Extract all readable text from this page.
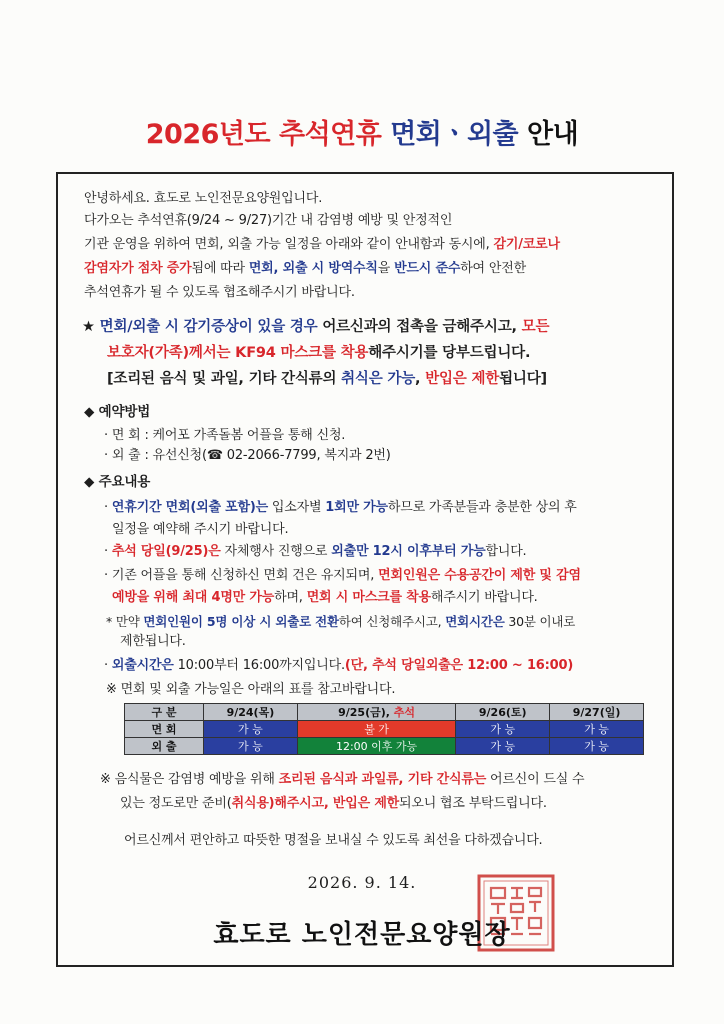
2026년도 추석연휴 면회ㆍ외출 안내
안녕하세요. 효도로 노인전문요양원입니다.
다가오는 추석연휴(9/24 ~ 9/27)기간 내 감염병 예방 및 안정적인
기관 운영을 위하여 면회, 외출 가능 일정을 아래와 같이 안내함과 동시에, 감기/코로나
감염자가 점차 증가됨에 따라 면회, 외출 시 방역수칙을 반드시 준수하여 안전한
추석연휴가 될 수 있도록 협조해주시기 바랍니다.
★ 면회/외출 시 감기증상이 있을 경우 어르신과의 접촉을 금해주시고, 모든
보호자(가족)께서는 KF94 마스크를 착용해주시기를 당부드립니다.
[조리된 음식 및 과일, 기타 간식류의 취식은 가능, 반입은 제한됩니다]
◆ 예약방법
· 면 회 : 케어포 가족돌봄 어플을 통해 신청.
· 외 출 : 유선신청(☎ 02-2066-7799, 복지과 2번)
◆ 주요내용
· 연휴기간 면회(외출 포함)는 입소자별 1회만 가능하므로 가족분들과 충분한 상의 후
일정을 예약해 주시기 바랍니다.
· 추석 당일(9/25)은 자체행사 진행으로 외출만 12시 이후부터 가능합니다.
· 기존 어플을 통해 신청하신 면회 건은 유지되며, 면회인원은 수용공간이 제한 및 감염
예방을 위해 최대 4명만 가능하며, 면회 시 마스크를 착용해주시기 바랍니다.
* 만약 면회인원이 5명 이상 시 외출로 전환하여 신청해주시고, 면회시간은 30분 이내로
제한됩니다.
· 외출시간은 10:00부터 16:00까지입니다.(단, 추석 당일외출은 12:00 ~ 16:00)
※ 면회 및 외출 가능일은 아래의 표를 참고바랍니다.
구 분	9/24(목)	9/25(금), 추석	9/26(토)	9/27(일)
면 회	가 능	불 가	가 능	가 능
외 출	가 능	12:00 이후 가능	가 능	가 능
※ 음식물은 감염병 예방을 위해 조리된 음식과 과일류, 기타 간식류는 어르신이 드실 수
있는 정도로만 준비(취식용)해주시고, 반입은 제한되오니 협조 부탁드립니다.
어르신께서 편안하고 따뜻한 명절을 보내실 수 있도록 최선을 다하겠습니다.
2026. 9. 14.
효도로 노인전문요양원장
